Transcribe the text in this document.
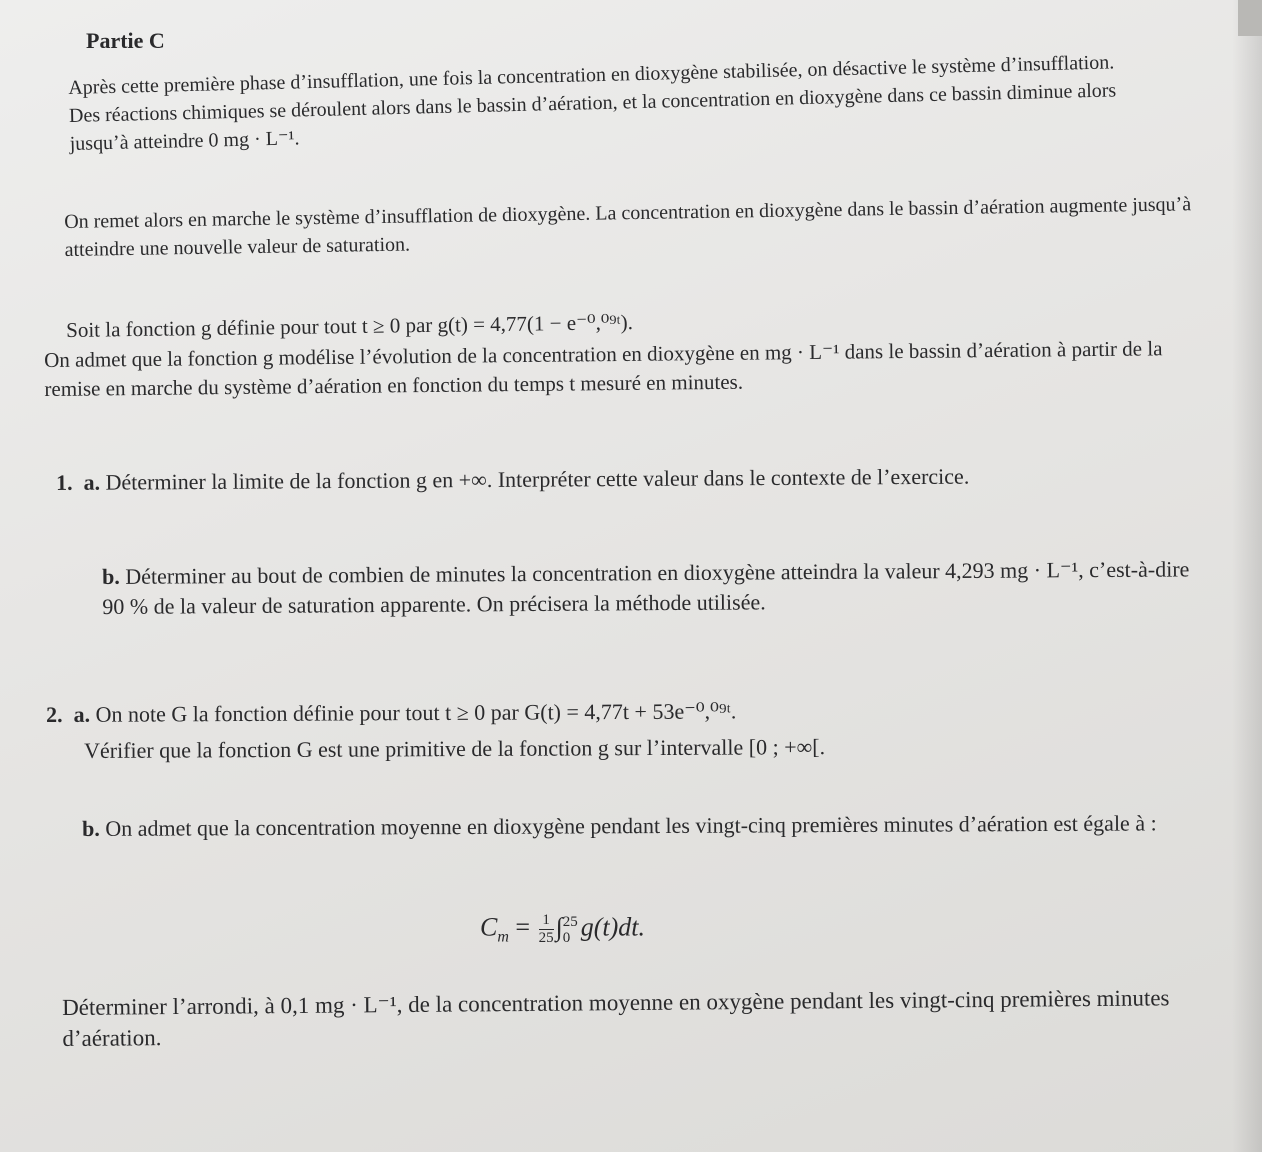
Partie C

Après cette première phase d’insufflation, une fois la concentration en dioxygène stabilisée, on désactive le système d’insufflation. Des réactions chimiques se déroulent alors dans le bassin d’aération, et la concentration en dioxygène dans ce bassin diminue alors jusqu’à atteindre 0 mg · L⁻¹.

On remet alors en marche le système d’insufflation de dioxygène. La concentration en dioxygène dans le bassin d’aération augmente jusqu’à atteindre une nouvelle valeur de saturation.

Soit la fonction g définie pour tout t ≥ 0 par g(t) = 4,77(1 − e⁻⁰,⁰⁹ᵗ).

On admet que la fonction g modélise l’évolution de la concentration en dioxygène en mg · L⁻¹ dans le bassin d’aération à partir de la remise en marche du système d’aération en fonction du temps t mesuré en minutes.

1. a. Déterminer la limite de la fonction g en +∞. Interpréter cette valeur dans le contexte de l’exercice.
b. Déterminer au bout de combien de minutes la concentration en dioxygène atteindra la valeur 4,293 mg · L⁻¹, c’est-à-dire 90 % de la valeur de saturation apparente. On précisera la méthode utilisée.
2. a. On note G la fonction définie pour tout t ≥ 0 par G(t) = 4,77t + 53e⁻⁰,⁰⁹ᵗ.
Vérifier que la fonction G est une primitive de la fonction g sur l’intervalle [0 ; +∞[.
b. On admet que la concentration moyenne en dioxygène pendant les vingt-cinq premières minutes d’aération est égale à :
$C_m = \frac{1}{25}$ ∫ 25
0 g(t)dt.
Déterminer l’arrondi, à 0,1 mg · L⁻¹, de la concentration moyenne en oxygène pendant les vingt-cinq premières minutes d’aération.
